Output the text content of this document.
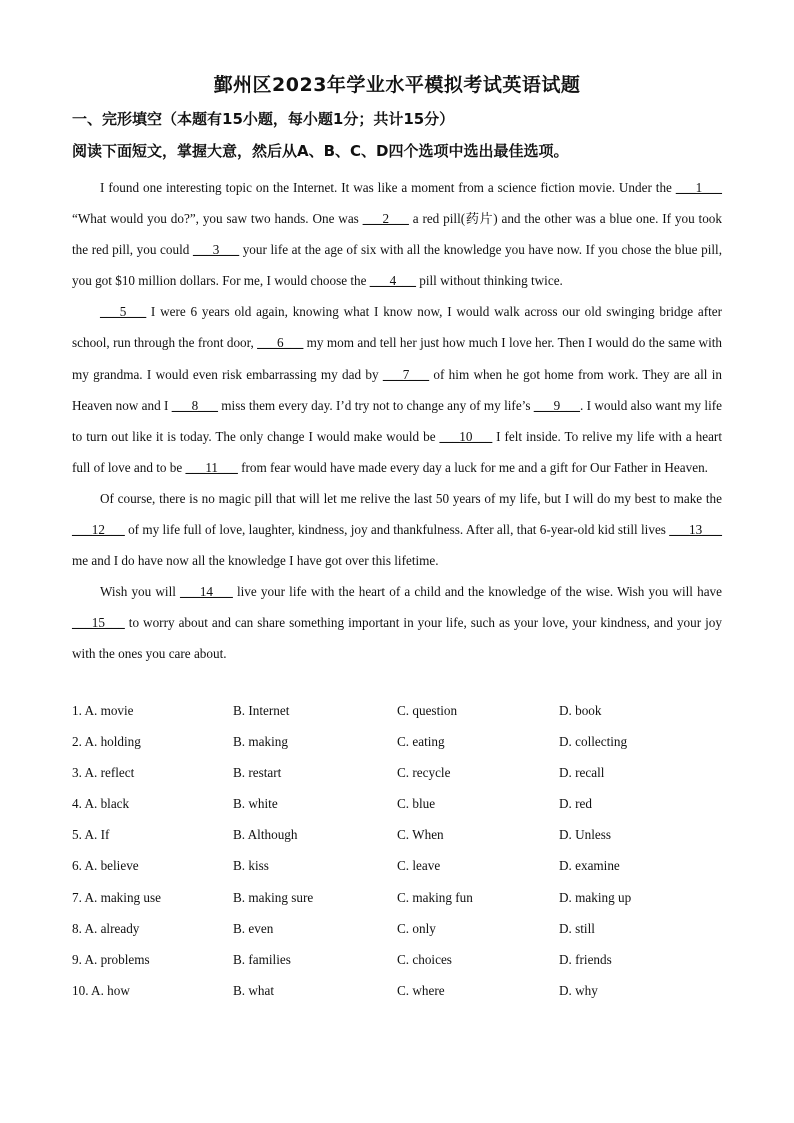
鄞州区2023年学业水平模拟考试英语试题
一、完形填空（本题有15小题，每小题1分；共计15分）
阅读下面短文，掌握大意，然后从A、B、C、D四个选项中选出最佳选项。

I found one interesting topic on the Internet. It was like a moment from a science fiction movie. Under the ___1___ “What would you do?”, you saw two hands. One was ___2___ a red pill(药片) and the other was a blue one. If you took the red pill, you could ___3___ your life at the age of six with all the knowledge you have now. If you chose the blue pill, you got $10 million dollars. For me, I would choose the ___4___ pill without thinking twice.

___5___ I were 6 years old again, knowing what I know now, I would walk across our old swinging bridge after school, run through the front door, ___6___ my mom and tell her just how much I love her. Then I would do the same with my grandma. I would even risk embarrassing my dad by ___7___ of him when he got home from work. They are all in Heaven now and I ___8___ miss them every day. I’d try not to change any of my life’s ___9___. I would also want my life to turn out like it is today. The only change I would make would be ___10___ I felt inside. To relive my life with a heart full of love and to be ___11___ from fear would have made every day a luck for me and a gift for Our Father in Heaven.

Of course, there is no magic pill that will let me relive the last 50 years of my life, but I will do my best to make the ___12___ of my life full of love, laughter, kindness, joy and thankfulness. After all, that 6-year-old kid still lives ___13___ me and I do have now all the knowledge I have got over this lifetime.

Wish you will ___14___ live your life with the heart of a child and the knowledge of the wise. Wish you will have ___15___ to worry about and can share something important in your life, such as your love, your kindness, and your joy with the ones you care about.

1. A. movie	B. Internet	C. question	D. book
2. A. holding	B. making	C. eating	D. collecting
3. A. reflect	B. restart	C. recycle	D. recall
4. A. black	B. white	C. blue	D. red
5. A. If	B. Although	C. When	D. Unless
6. A. believe	B. kiss	C. leave	D. examine
7. A. making use	B. making sure	C. making fun	D. making up
8. A. already	B. even	C. only	D. still
9. A. problems	B. families	C. choices	D. friends
10. A. how	B. what	C. where	D. why
